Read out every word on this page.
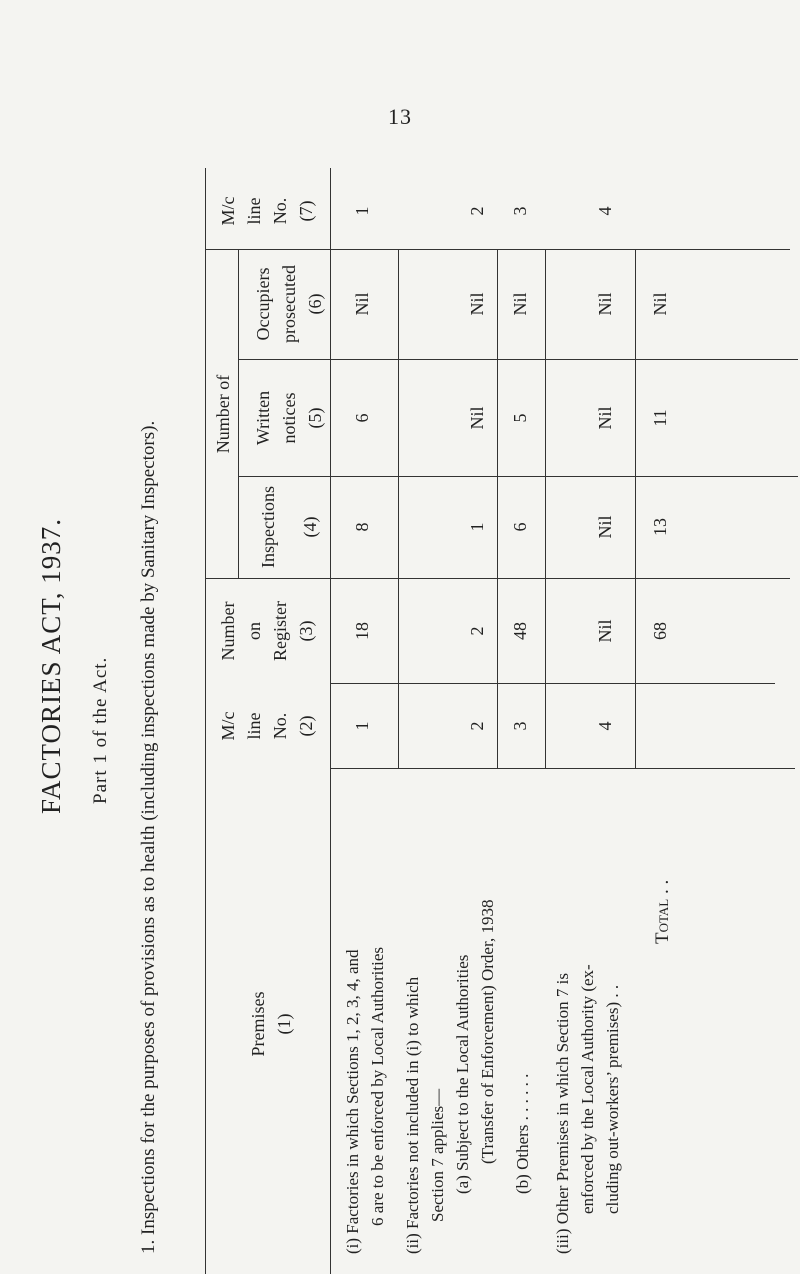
13
FACTORIES ACT, 1937. Part 1 of the Act. 1. Inspections for the purposes of provisions as to health (including inspections made by Sanitary Inspectors).	Premises (1)
M/c line No. (2)
Number on Register (3)
Number of
Inspections (4)
Written notices (5)
Occupiers prosecuted (6)
M/c line No. (7)
(i) Factories in which Sections 1, 2, 3, 4, and 6 are to be enforced by Local Authorities
1
18
8
6
Nil
1
(ii) Factories not included in (i) to which Section 7 applies— (a) Subject to the Local Authorities (Transfer of Enforcement) Order, 1938
2
2
1
Nil
Nil
2
(b) Others . . . . . .
3
48
6
5
Nil
3
(iii) Other Premises in which Section 7 is enforced by the Local Authority (ex- cluding out-workers’ premises) . .
4
Nil
Nil
Nil
Nil
4
Total . .
68
13
11
Nil
